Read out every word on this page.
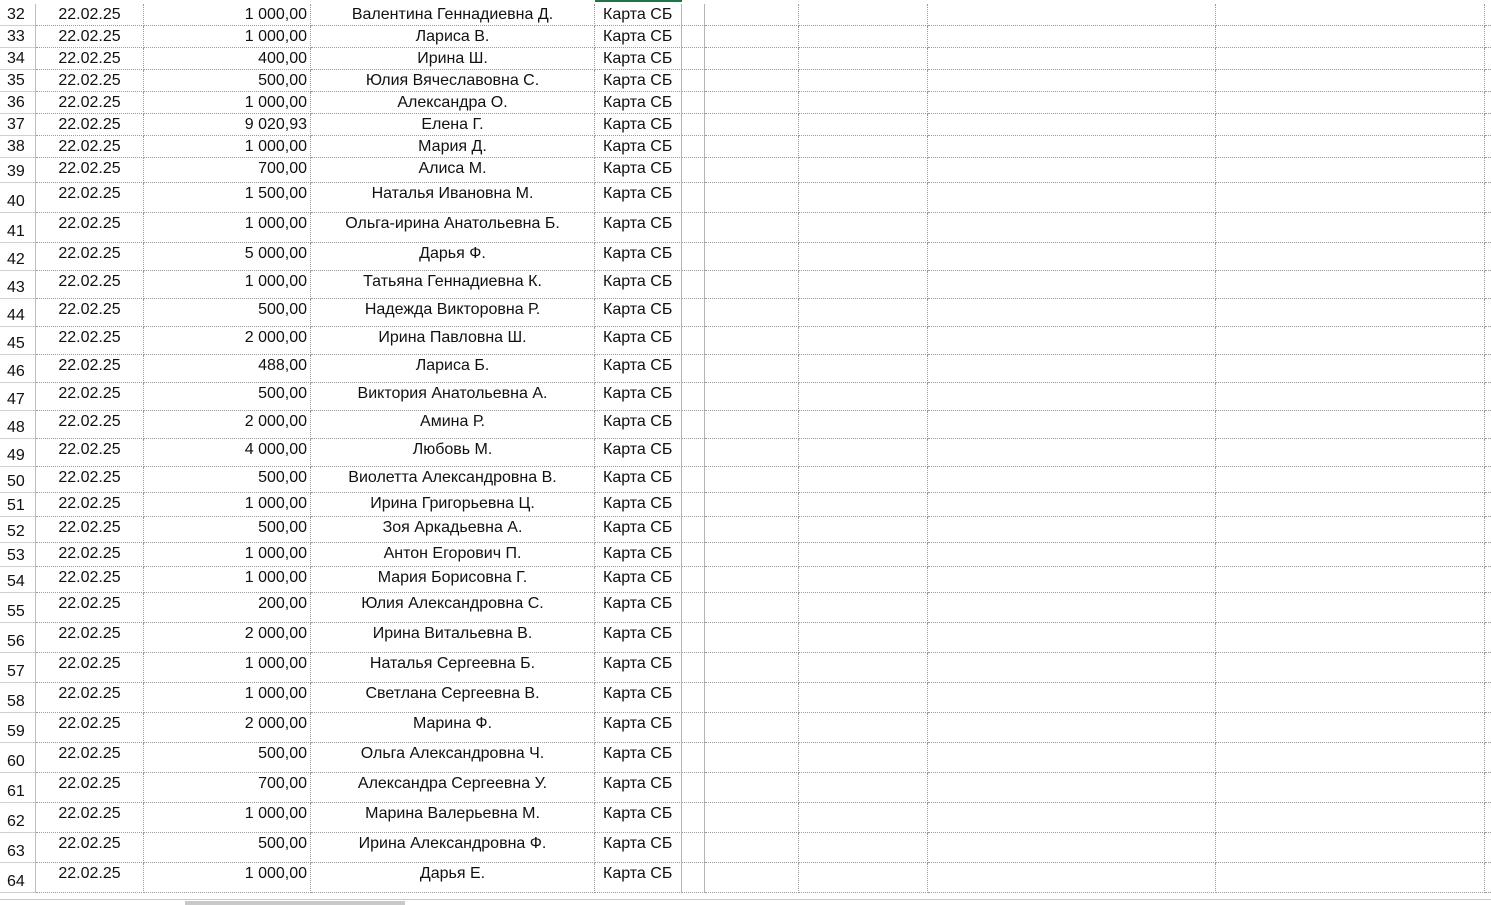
32	22.02.25	1 000,00	Валентина Геннадиевна Д.	Карта СБ
33	22.02.25	1 000,00	Лариса В.	Карта СБ
34	22.02.25	400,00	Ирина Ш.	Карта СБ
35	22.02.25	500,00	Юлия Вячеславовна С.	Карта СБ
36	22.02.25	1 000,00	Александра О.	Карта СБ
37	22.02.25	9 020,93	Елена Г.	Карта СБ
38	22.02.25	1 000,00	Мария Д.	Карта СБ
39	22.02.25	700,00	Алиса М.	Карта СБ
40	22.02.25	1 500,00	Наталья Ивановна М.	Карта СБ
41	22.02.25	1 000,00	Ольга-ирина Анатольевна Б.	Карта СБ
42	22.02.25	5 000,00	Дарья Ф.	Карта СБ
43	22.02.25	1 000,00	Татьяна Геннадиевна К.	Карта СБ
44	22.02.25	500,00	Надежда Викторовна Р.	Карта СБ
45	22.02.25	2 000,00	Ирина Павловна Ш.	Карта СБ
46	22.02.25	488,00	Лариса Б.	Карта СБ
47	22.02.25	500,00	Виктория Анатольевна А.	Карта СБ
48	22.02.25	2 000,00	Амина Р.	Карта СБ
49	22.02.25	4 000,00	Любовь М.	Карта СБ
50	22.02.25	500,00	Виолетта Александровна В.	Карта СБ
51	22.02.25	1 000,00	Ирина Григорьевна Ц.	Карта СБ
52	22.02.25	500,00	Зоя Аркадьевна А.	Карта СБ
53	22.02.25	1 000,00	Антон Егорович П.	Карта СБ
54	22.02.25	1 000,00	Мария Борисовна Г.	Карта СБ
55	22.02.25	200,00	Юлия Александровна С.	Карта СБ
56	22.02.25	2 000,00	Ирина Витальевна В.	Карта СБ
57	22.02.25	1 000,00	Наталья Сергеевна Б.	Карта СБ
58	22.02.25	1 000,00	Светлана Сергеевна В.	Карта СБ
59	22.02.25	2 000,00	Марина Ф.	Карта СБ
60	22.02.25	500,00	Ольга Александровна Ч.	Карта СБ
61	22.02.25	700,00	Александра Сергеевна У.	Карта СБ
62	22.02.25	1 000,00	Марина Валерьевна М.	Карта СБ
63	22.02.25	500,00	Ирина Александровна Ф.	Карта СБ
64	22.02.25	1 000,00	Дарья Е.	Карта СБ
